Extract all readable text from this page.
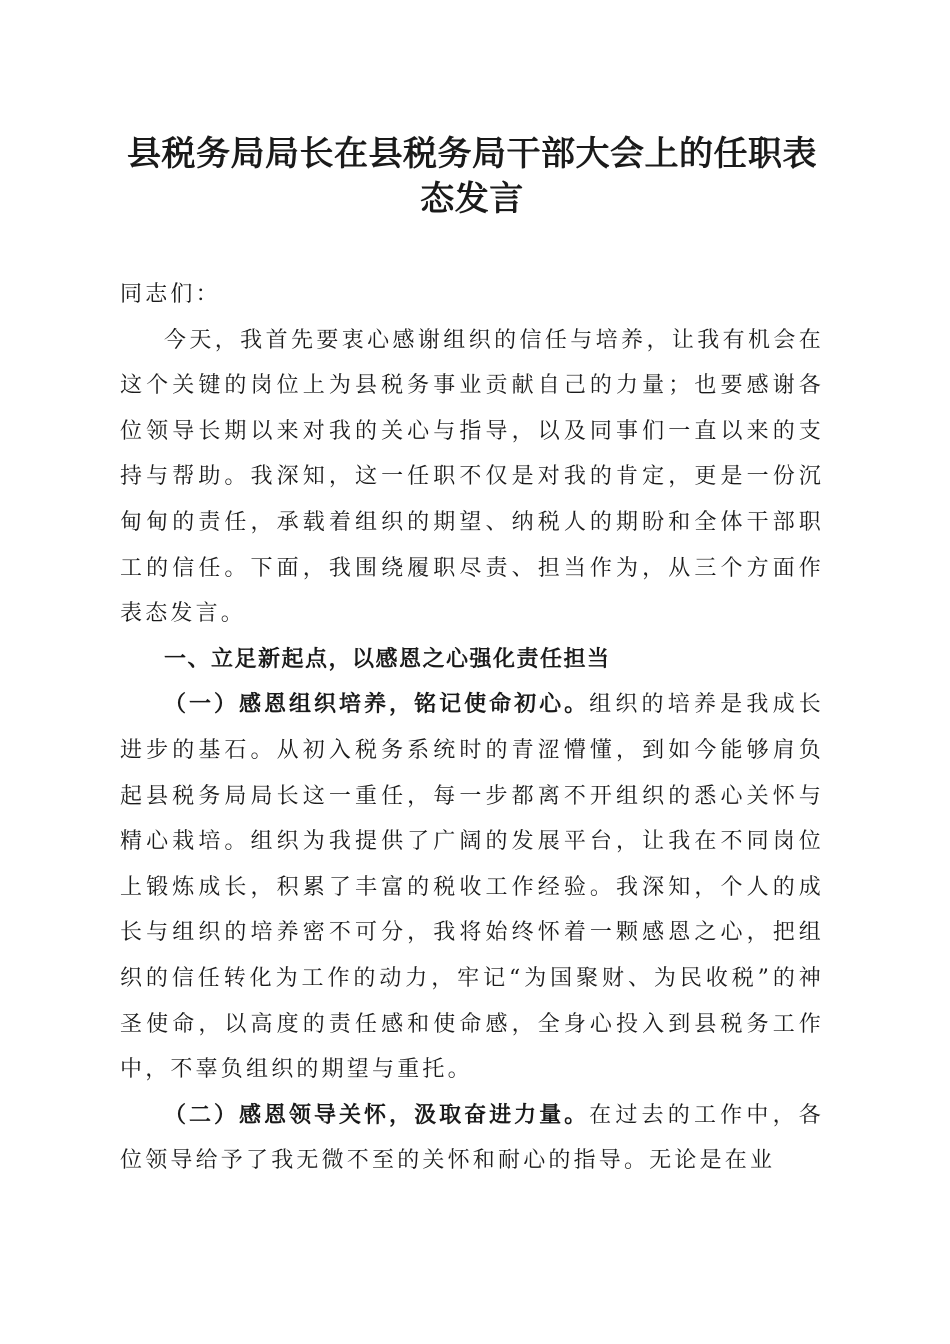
县税务局局长在县税务局干部大会上的任职表态发言

同志们：

今天，我首先要衷心感谢组织的信任与培养，让我有机会在这个关键的岗位上为县税务事业贡献自己的力量；也要感谢各位领导长期以来对我的关心与指导，以及同事们一直以来的支持与帮助。我深知，这一任职不仅是对我的肯定，更是一份沉甸甸的责任，承载着组织的期望、纳税人的期盼和全体干部职工的信任。下面，我围绕履职尽责、担当作为，从三个方面作表态发言。

一、立足新起点，以感恩之心强化责任担当

（一）感恩组织培养，铭记使命初心。组织的培养是我成长进步的基石。从初入税务系统时的青涩懵懂，到如今能够肩负起县税务局局长这一重任，每一步都离不开组织的悉心关怀与精心栽培。组织为我提供了广阔的发展平台，让我在不同岗位上锻炼成长，积累了丰富的税收工作经验。我深知，个人的成长与组织的培养密不可分，我将始终怀着一颗感恩之心，把组织的信任转化为工作的动力，牢记“为国聚财、为民收税”的神圣使命，以高度的责任感和使命感，全身心投入到县税务工作中，不辜负组织的期望与重托。

（二）感恩领导关怀，汲取奋进力量。在过去的工作中，各位领导给予了我无微不至的关怀和耐心的指导。无论是在业
